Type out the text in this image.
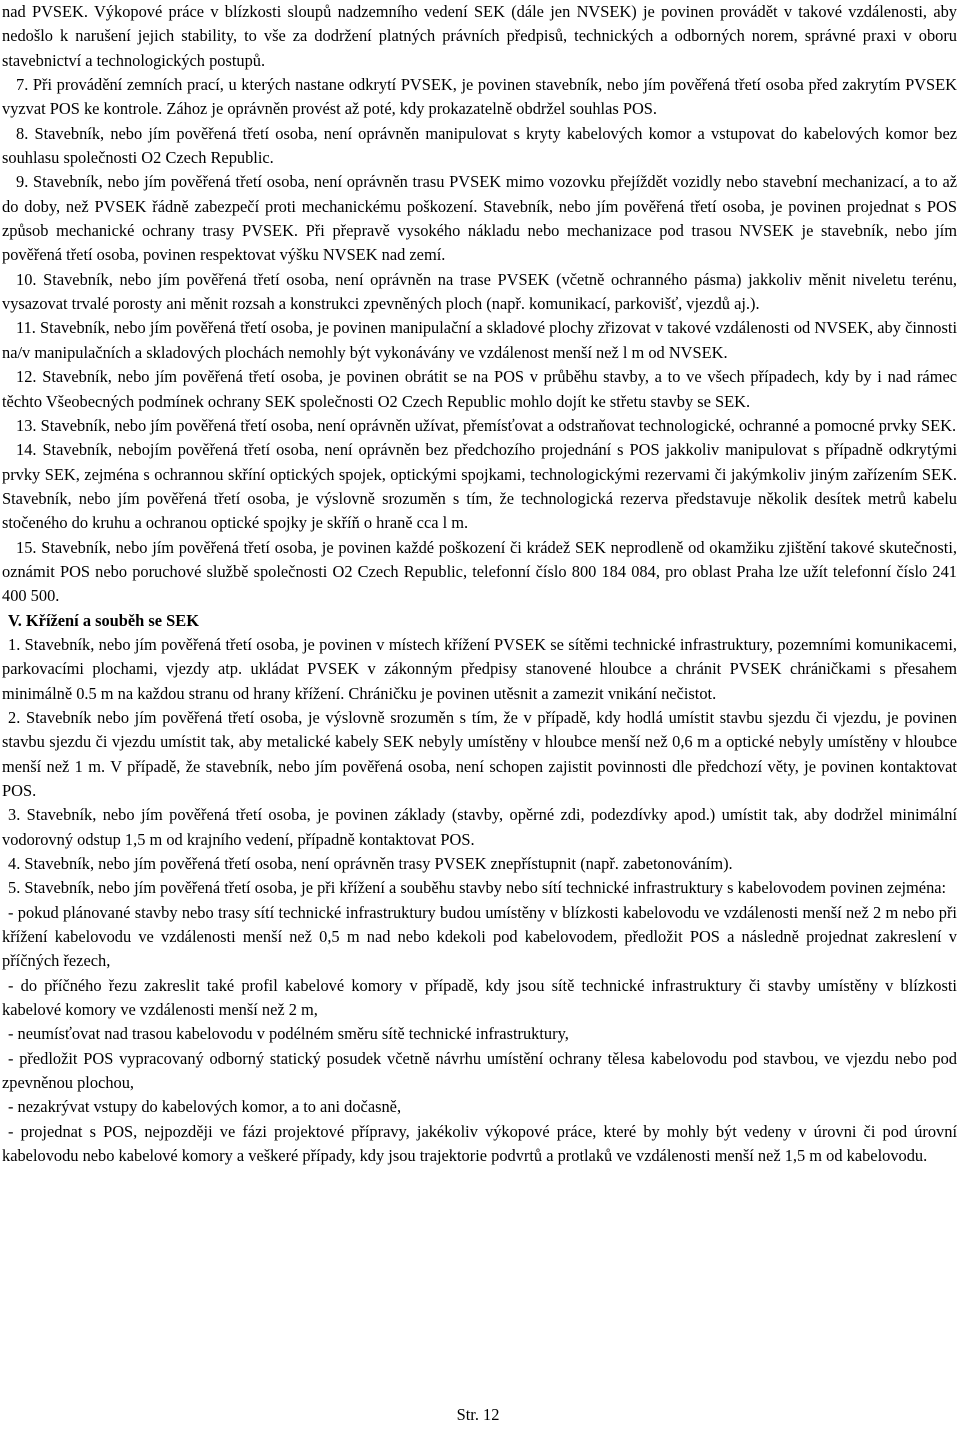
nad PVSEK. Výkopové práce v blízkosti sloupů nadzemního vedení SEK (dále jen NVSEK) je povinen provádět v takové vzdálenosti, aby nedošlo k narušení jejich stability, to vše za dodržení platných právních předpisů, technických a odborných norem, správné praxi v oboru stavebnictví a technologických postupů.

7. Při provádění zemních prací, u kterých nastane odkrytí PVSEK, je povinen stavebník, nebo jím pověřená třetí osoba před zakrytím PVSEK vyzvat POS ke kontrole. Zához je oprávněn provést až poté, kdy prokazatelně obdržel souhlas POS.

8. Stavebník, nebo jím pověřená třetí osoba, není oprávněn manipulovat s kryty kabelových komor a vstupovat do kabelových komor bez souhlasu společnosti O2 Czech Republic.

9. Stavebník, nebo jím pověřená třetí osoba, není oprávněn trasu PVSEK mimo vozovku přejíždět vozidly nebo stavební mechanizací, a to až do doby, než PVSEK řádně zabezpečí proti mechanickému poškození. Stavebník, nebo jím pověřená třetí osoba, je povinen projednat s POS způsob mechanické ochrany trasy PVSEK. Při přepravě vysokého nákladu nebo mechanizace pod trasou NVSEK je stavebník, nebo jím pověřená třetí osoba, povinen respektovat výšku NVSEK nad zemí.

10. Stavebník, nebo jím pověřená třetí osoba, není oprávněn na trase PVSEK (včetně ochranného pásma) jakkoliv měnit niveletu terénu, vysazovat trvalé porosty ani měnit rozsah a konstrukci zpevněných ploch (např. komunikací, parkovišť, vjezdů aj.).

11. Stavebník, nebo jím pověřená třetí osoba, je povinen manipulační a skladové plochy zřizovat v takové vzdálenosti od NVSEK, aby činnosti na/v manipulačních a skladových plochách nemohly být vykonávány ve vzdálenost menší než l m od NVSEK.

12. Stavebník, nebo jím pověřená třetí osoba, je povinen obrátit se na POS v průběhu stavby, a to ve všech případech, kdy by i nad rámec těchto Všeobecných podmínek ochrany SEK společnosti O2 Czech Republic mohlo dojít ke střetu stavby se SEK.

13. Stavebník, nebo jím pověřená třetí osoba, není oprávněn užívat, přemísťovat a odstraňovat technologické, ochranné a pomocné prvky SEK.

14. Stavebník, nebojím pověřená třetí osoba, není oprávněn bez předchozího projednání s POS jakkoliv manipulovat s případně odkrytými prvky SEK, zejména s ochrannou skříní optických spojek, optickými spojkami, technologickými rezervami či jakýmkoliv jiným zařízením SEK. Stavebník, nebo jím pověřená třetí osoba, je výslovně srozuměn s tím, že technologická rezerva představuje několik desítek metrů kabelu stočeného do kruhu a ochranou optické spojky je skříň o hraně cca l m.

15. Stavebník, nebo jím pověřená třetí osoba, je povinen každé poškození či krádež SEK neprodleně od okamžiku zjištění takové skutečnosti, oznámit POS nebo poruchové službě společnosti O2 Czech Republic, telefonní číslo 800 184 084, pro oblast Praha lze užít telefonní číslo 241 400 500.

V. Křížení a souběh se SEK

1. Stavebník, nebo jím pověřená třetí osoba, je povinen v místech křížení PVSEK se sítěmi technické infrastruktury, pozemními komunikacemi, parkovacími plochami, vjezdy atp. ukládat PVSEK v zákonným předpisy stanovené hloubce a chránit PVSEK chráničkami s přesahem minimálně 0.5 m na každou stranu od hrany křížení. Chráničku je povinen utěsnit a zamezit vnikání nečistot.

2. Stavebník nebo jím pověřená třetí osoba, je výslovně srozuměn s tím, že v případě, kdy hodlá umístit stavbu sjezdu či vjezdu, je povinen stavbu sjezdu či vjezdu umístit tak, aby metalické kabely SEK nebyly umístěny v hloubce menší než 0,6 m a optické nebyly umístěny v hloubce menší než 1 m. V případě, že stavebník, nebo jím pověřená osoba, není schopen zajistit povinnosti dle předchozí věty, je povinen kontaktovat POS.

3. Stavebník, nebo jím pověřená třetí osoba, je povinen základy (stavby, opěrné zdi, podezdívky apod.) umístit tak, aby dodržel minimální vodorovný odstup 1,5 m od krajního vedení, případně kontaktovat POS.

4. Stavebník, nebo jím pověřená třetí osoba, není oprávněn trasy PVSEK znepřístupnit (např. zabetonováním).

5. Stavebník, nebo jím pověřená třetí osoba, je při křížení a souběhu stavby nebo sítí technické infrastruktury s kabelovodem povinen zejména:

- pokud plánované stavby nebo trasy sítí technické infrastruktury budou umístěny v blízkosti kabelovodu ve vzdálenosti menší než 2 m nebo při křížení kabelovodu ve vzdálenosti menší než 0,5 m nad nebo kdekoli pod kabelovodem, předložit POS a následně projednat zakreslení v příčných řezech,

- do příčného řezu zakreslit také profil kabelové komory v případě, kdy jsou sítě technické infrastruktury či stavby umístěny v blízkosti kabelové komory ve vzdálenosti menší než 2 m,

- neumísťovat nad trasou kabelovodu v podélném směru sítě technické infrastruktury,

- předložit POS vypracovaný odborný statický posudek včetně návrhu umístění ochrany tělesa kabelovodu pod stavbou, ve vjezdu nebo pod zpevněnou plochou,

- nezakrývat vstupy do kabelových komor, a to ani dočasně,

- projednat s POS, nejpozději ve fázi projektové přípravy, jakékoliv výkopové práce, které by mohly být vedeny v úrovni či pod úrovní kabelovodu nebo kabelové komory a veškeré případy, kdy jsou trajektorie podvrtů a protlaků ve vzdálenosti menší než 1,5 m od kabelovodu.

Str. 12
